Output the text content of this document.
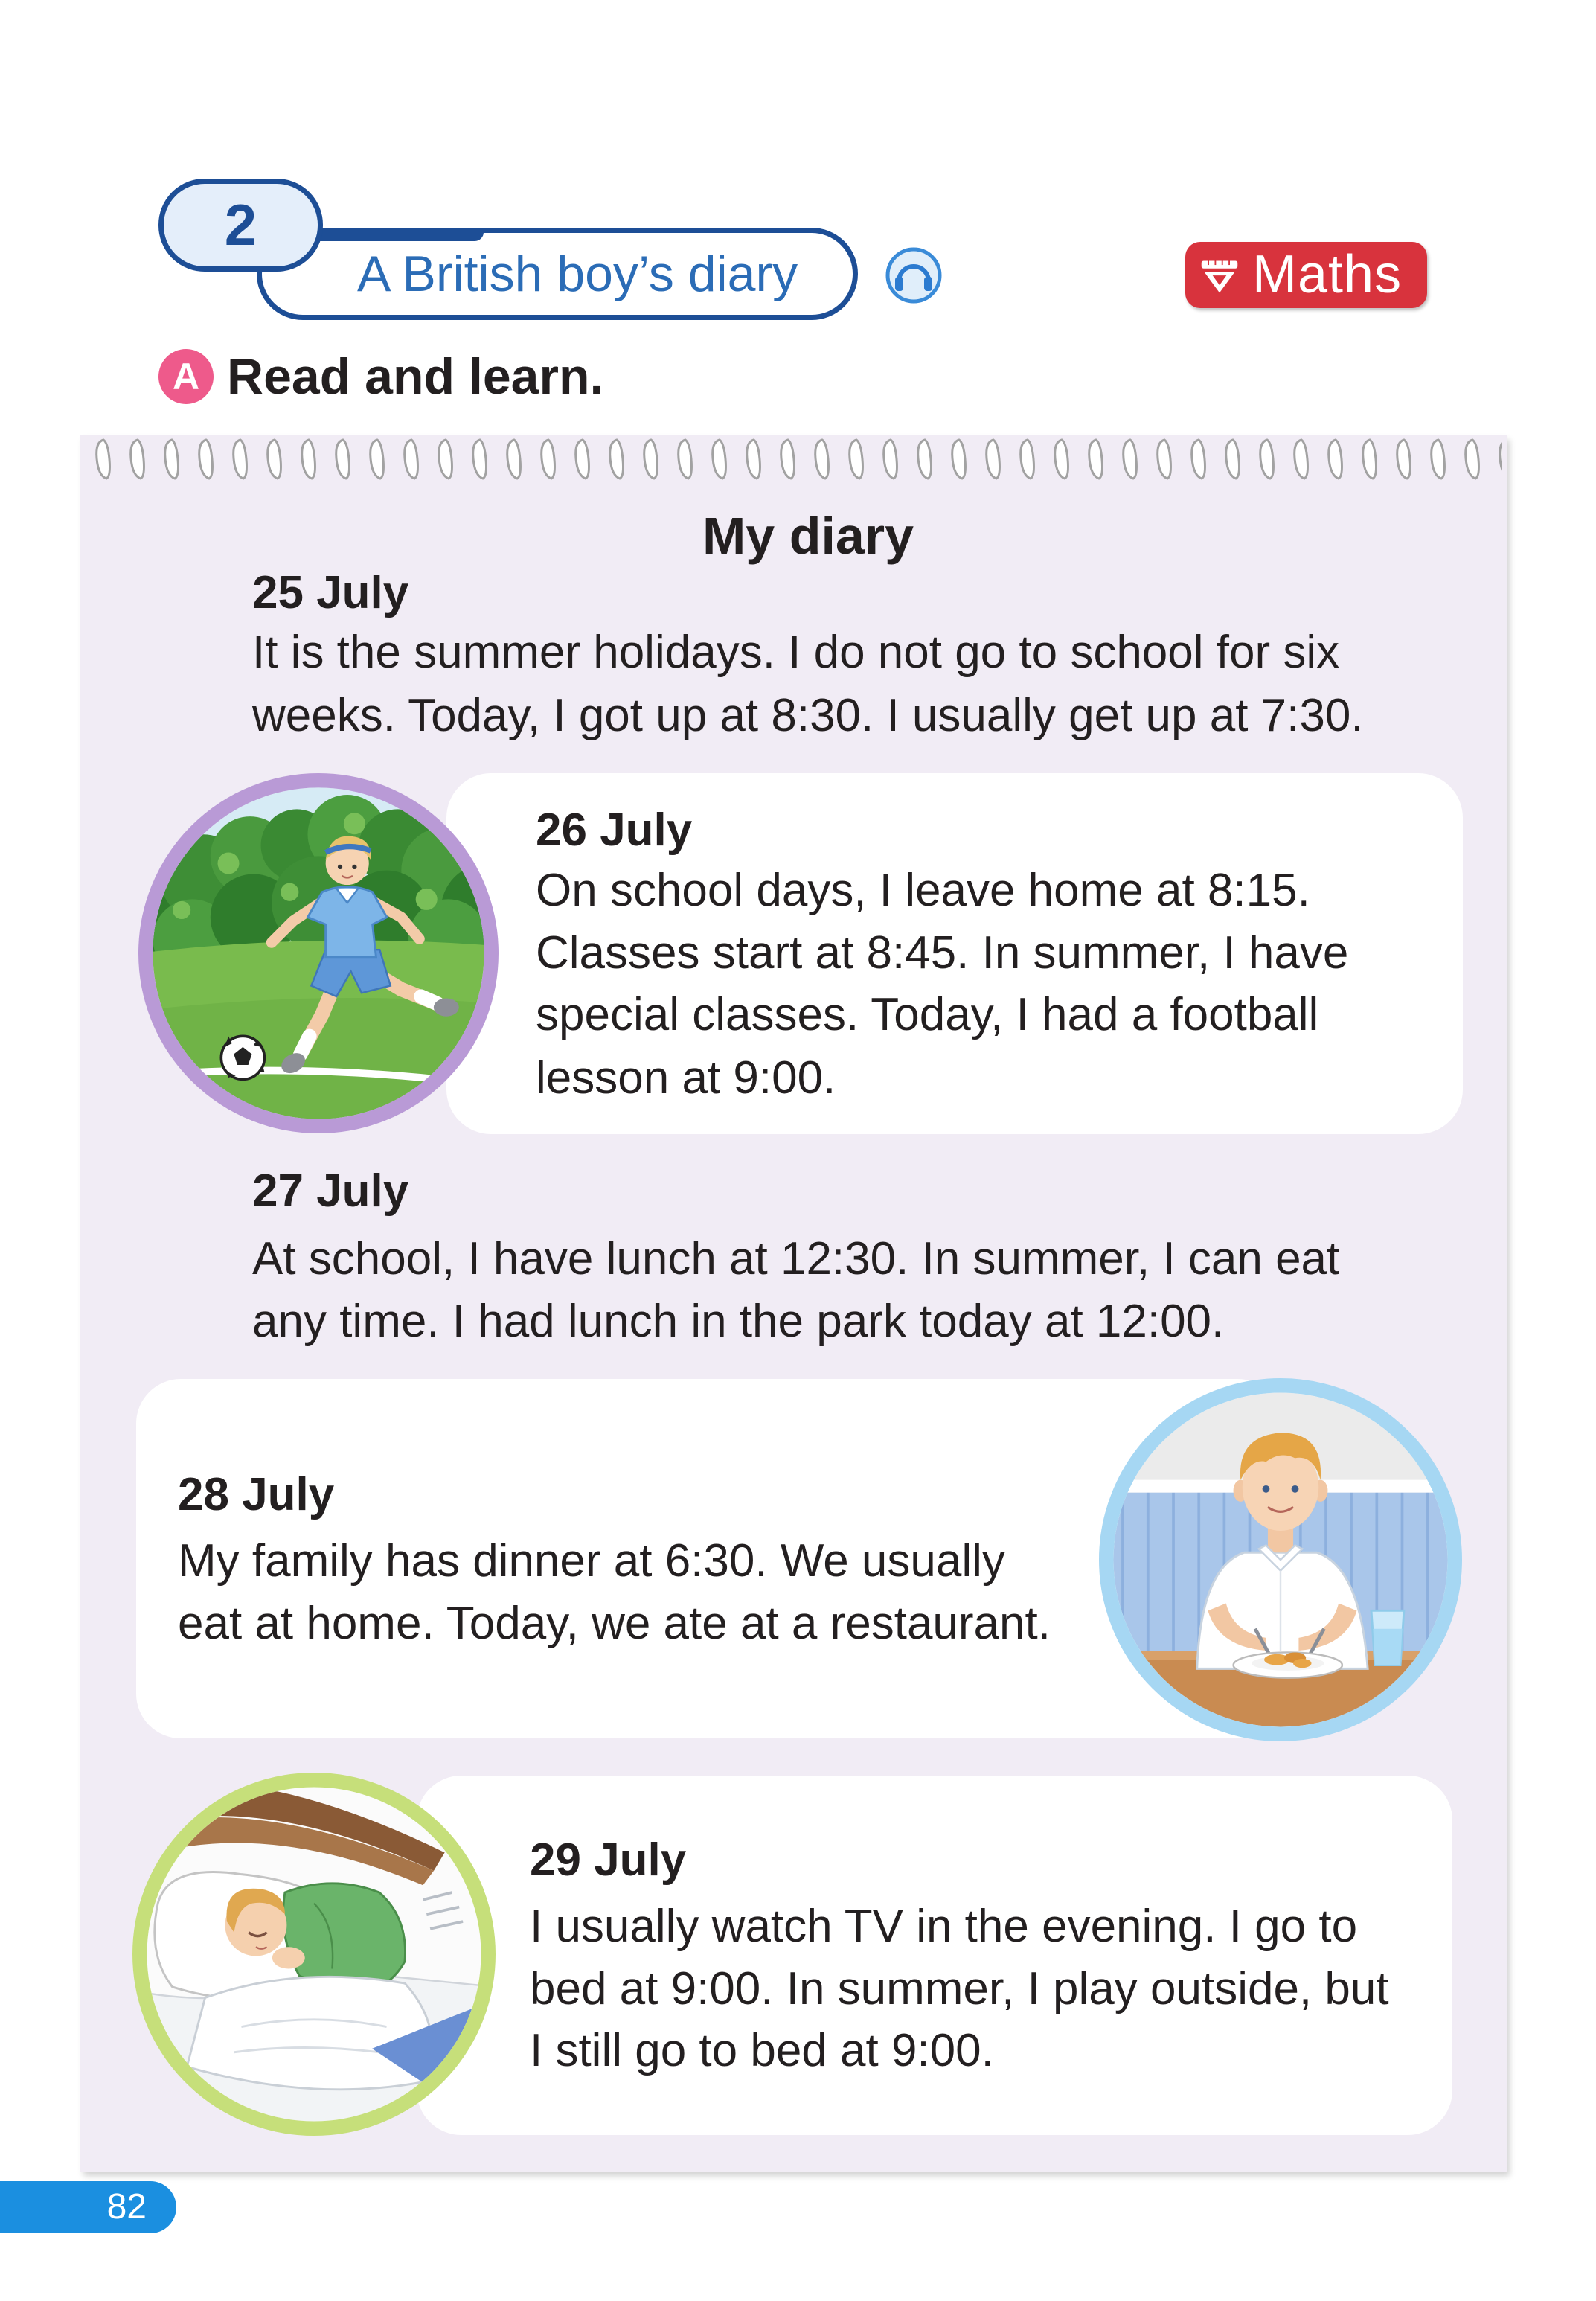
2
A British boy’s diary	Maths
A Read and learn.
My diary
25 July
It is the summer holidays. I do not go to school for six
weeks. Today, I got up at 8:30. I usually get up at 7:30.
26 July
On school days, I leave home at 8:15.
Classes start at 8:45. In summer, I have
special classes. Today, I had a football
lesson at 9:00.
27 July
At school, I have lunch at 12:30. In summer, I can eat
any time. I had lunch in the park today at 12:00.
28 July
My family has dinner at 6:30. We usually
eat at home. Today, we ate at a restaurant.
29 July
I usually watch TV in the evening. I go to
bed at 9:00. In summer, I play outside, but
I still go to bed at 9:00.
82
